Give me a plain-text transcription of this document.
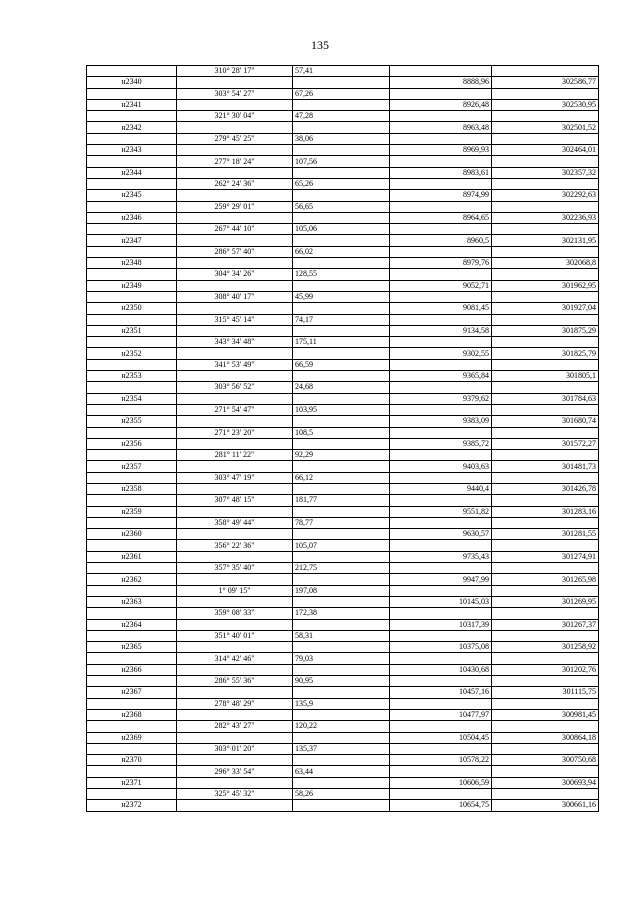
135
	310° 28' 17"	57,41		
н2340			8888,96	302586,77
	303° 54' 27"	67,26		
н2341			8926,48	302530,95
	321° 30' 04"	47,28		
н2342			8963,48	302501,52
	279° 45' 25"	38,06		
н2343			8969,93	302464,01
	277° 18' 24"	107,56		
н2344			8983,61	302357,32
	262° 24' 36"	65,26		
н2345			8974,99	302292,63
	259° 29' 01"	56,65		
н2346			8964,65	302236,93
	267° 44' 10"	105,06		
н2347			8960,5	302131,95
	286° 57' 40"	66,02		
н2348			8979,76	302068,8
	304° 34' 26"	128,55		
н2349			9052,71	301962,95
	308° 40' 17"	45,99		
н2350			9081,45	301927,04
	315° 45' 14"	74,17		
н2351			9134,58	301875,29
	343° 34' 48"	175,11		
н2352			9302,55	301825,79
	341° 53' 49"	66,59		
н2353			9365,84	301805,1
	303° 56' 52"	24,68		
н2354			9379,62	301784,63
	271° 54' 47"	103,95		
н2355			9383,09	301680,74
	271° 23' 20"	108,5		
н2356			9385,72	301572,27
	281° 11' 22"	92,29		
н2357			9403,63	301481,73
	303° 47' 19"	66,12		
н2358			9440,4	301426,78
	307° 48' 15"	181,77		
н2359			9551,82	301283,16
	358° 49' 44"	78,77		
н2360			9630,57	301281,55
	356° 22' 36"	105,07		
н2361			9735,43	301274,91
	357° 35' 40"	212,75		
н2362			9947,99	301265,98
	1° 09' 15"	197,08		
н2363			10145,03	301269,95
	359° 08' 33"	172,38		
н2364			10317,39	301267,37
	351° 40' 01"	58,31		
н2365			10375,08	301258,92
	314° 42' 46"	79,03		
н2366			10430,68	301202,76
	286° 55' 36"	90,95		
н2367			10457,16	301115,75
	278° 48' 29"	135,9		
н2368			10477,97	300981,45
	282° 43' 27"	120,22		
н2369			10504,45	300864,18
	303° 01' 20"	135,37		
н2370			10578,22	300750,68
	296° 33' 54"	63,44		
н2371			10606,59	300693,94
	325° 45' 32"	58,26		
н2372			10654,75	300661,16
